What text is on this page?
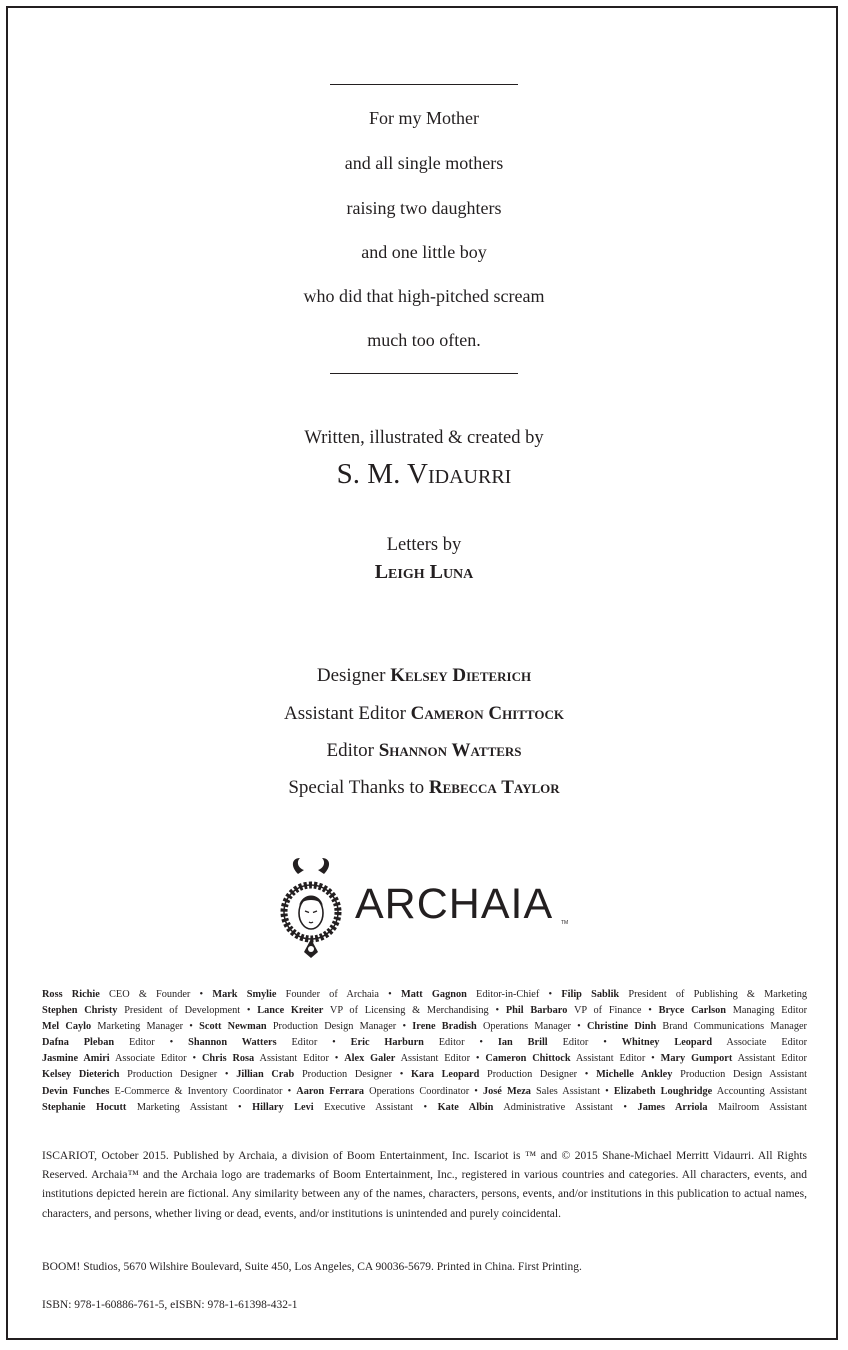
For my Mother
and all single mothers
raising two daughters
and one little boy
who did that high-pitched scream
much too often.
Written, illustrated & created by
S. M. Vidaurri
Letters by
Leigh Luna
Designer Kelsey Dieterich
Assistant Editor Cameron Chittock
Editor Shannon Watters
Special Thanks to Rebecca Taylor
ARCHAIA TM
Ross Richie CEO & Founder • Mark Smylie Founder of Archaia • Matt Gagnon Editor-in-Chief • Filip Sablik President of Publishing & Marketing
Stephen Christy President of Development • Lance Kreiter VP of Licensing & Merchandising • Phil Barbaro VP of Finance • Bryce Carlson Managing Editor
Mel Caylo Marketing Manager • Scott Newman Production Design Manager • Irene Bradish Operations Manager • Christine Dinh Brand Communications Manager
Dafna Pleban Editor • Shannon Watters Editor • Eric Harburn Editor • Ian Brill Editor • Whitney Leopard Associate Editor
Jasmine Amiri Associate Editor • Chris Rosa Assistant Editor • Alex Galer Assistant Editor • Cameron Chittock Assistant Editor • Mary Gumport Assistant Editor
Kelsey Dieterich Production Designer • Jillian Crab Production Designer • Kara Leopard Production Designer • Michelle Ankley Production Design Assistant
Devin Funches E-Commerce & Inventory Coordinator • Aaron Ferrara Operations Coordinator • José Meza Sales Assistant • Elizabeth Loughridge Accounting Assistant
Stephanie Hocutt Marketing Assistant • Hillary Levi Executive Assistant • Kate Albin Administrative Assistant • James Arriola Mailroom Assistant
ISCARIOT, October 2015. Published by Archaia, a division of Boom Entertainment, Inc. Iscariot is ™ and © 2015 Shane-Michael Merritt Vidaurri. All Rights Reserved. Archaia™ and the Archaia logo are trademarks of Boom Entertainment, Inc., registered in various countries and categories. All characters, events, and institutions depicted herein are fictional. Any similarity between any of the names, characters, persons, events, and/or institutions in this publication to actual names, characters, and persons, whether living or dead, events, and/or institutions is unintended and purely coincidental.
BOOM! Studios, 5670 Wilshire Boulevard, Suite 450, Los Angeles, CA 90036-5679. Printed in China. First Printing.
ISBN: 978-1-60886-761-5, eISBN: 978-1-61398-432-1
